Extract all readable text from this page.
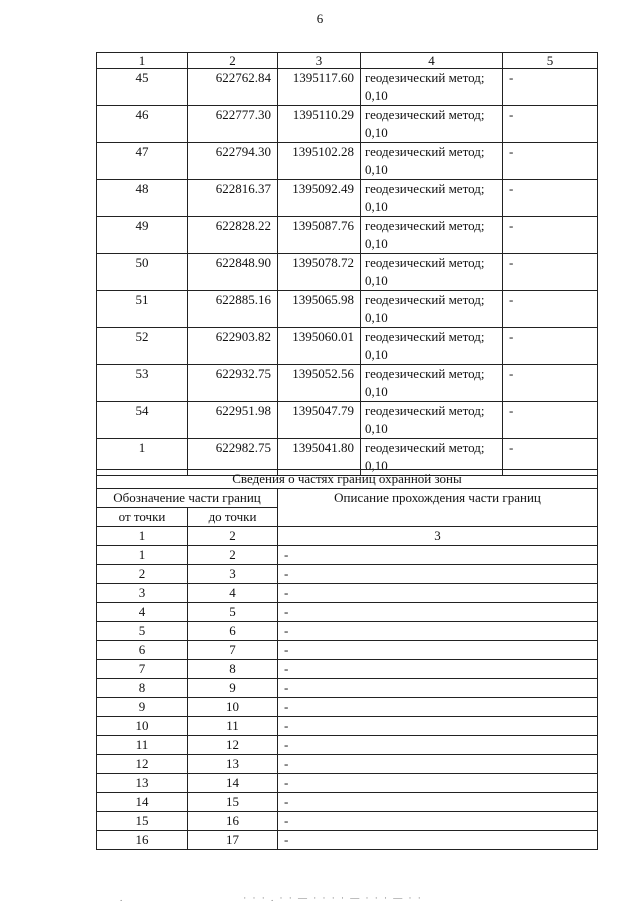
6
1	2	3	4	5
45	622762.84	1395117.60	геодезический метод; 0,10	-
46	622777.30	1395110.29	геодезический метод; 0,10	-
47	622794.30	1395102.28	геодезический метод; 0,10	-
48	622816.37	1395092.49	геодезический метод; 0,10	-
49	622828.22	1395087.76	геодезический метод; 0,10	-
50	622848.90	1395078.72	геодезический метод; 0,10	-
51	622885.16	1395065.98	геодезический метод; 0,10	-
52	622903.82	1395060.01	геодезический метод; 0,10	-
53	622932.75	1395052.56	геодезический метод; 0,10	-
54	622951.98	1395047.79	геодезический метод; 0,10	-
1	622982.75	1395041.80	геодезический метод; 0,10	-
Сведения о частях границ охранной зоны		
Обозначение части границ		Описание прохождения части границ
от точки	до точки	
1	2	3
1	2	-
2	3	-
3	4	-
4	5	-
5	6	-
6	7	-
7	8	-
8	9	-
9	10	-
10	11	-
11	12	-
12	13	-
13	14	-
14	15	-
15	16	-
16	17	-
.                            · · · . · · — · · · · — · · · — · ·
